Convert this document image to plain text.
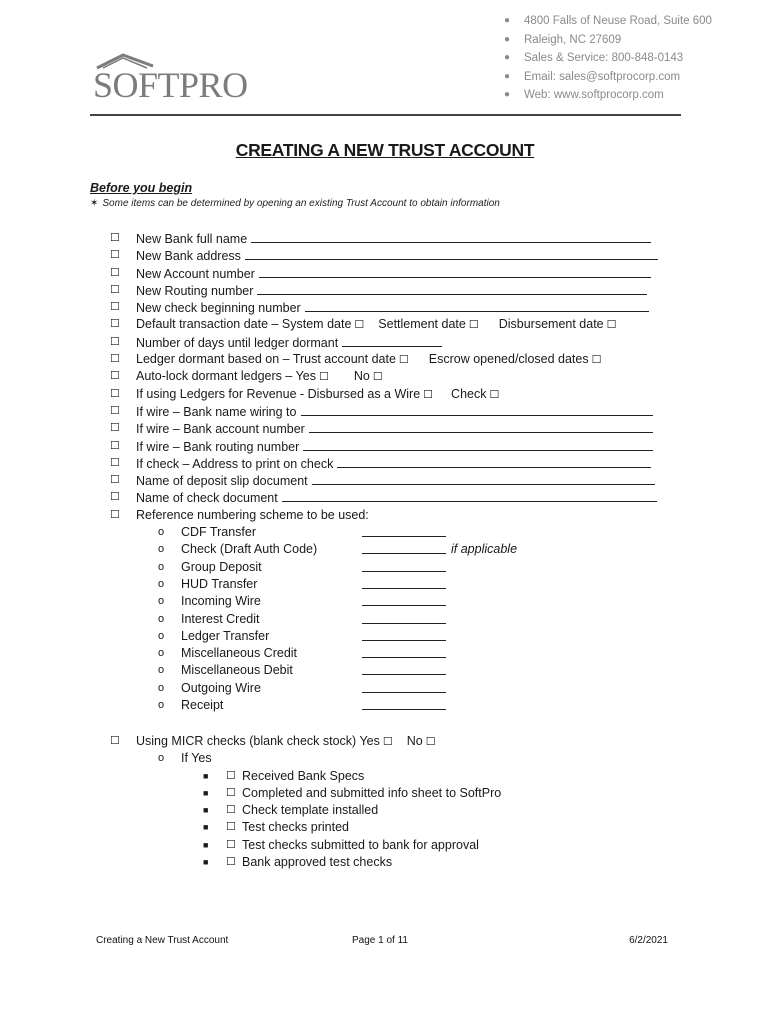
SOFTPRO
● 4800 Falls of Neuse Road, Suite 600
● Raleigh, NC 27609
● Sales & Service: 800-848-0143
● Email: sales@softprocorp.com
● Web: www.softprocorp.com
CREATING A NEW TRUST ACCOUNT
Before you begin
✶ Some items can be determined by opening an existing Trust Account to obtain information
☐ New Bank full name
☐ New Bank address
☐ New Account number
☐ New Routing number
☐ New check beginning number
☐ Default transaction date – System date ☐ Settlement date ☐ Disbursement date ☐
☐ Number of days until ledger dormant
☐ Ledger dormant based on – Trust account date ☐ Escrow opened/closed dates ☐
☐ Auto-lock dormant ledgers – Yes ☐ No ☐
☐ If using Ledgers for Revenue - Disbursed as a Wire ☐ Check ☐
☐ If wire – Bank name wiring to
☐ If wire – Bank account number
☐ If wire – Bank routing number
☐ If check – Address to print on check
☐ Name of deposit slip document
☐ Name of check document
☐ Reference numbering scheme to be used:
o CDF Transfer
o Check (Draft Auth Code)	if applicable
o Group Deposit
o HUD Transfer
o Incoming Wire
o Interest Credit
o Ledger Transfer
o Miscellaneous Credit
o Miscellaneous Debit
o Outgoing Wire
o Receipt
☐ Using MICR checks (blank check stock) Yes ☐ No ☐
o If Yes
■ ☐ Received Bank Specs
■ ☐ Completed and submitted info sheet to SoftPro
■ ☐ Check template installed
■ ☐ Test checks printed
■ ☐ Test checks submitted to bank for approval
■ ☐ Bank approved test checks
Creating a New Trust Account	Page 1 of 11	6/2/2021
